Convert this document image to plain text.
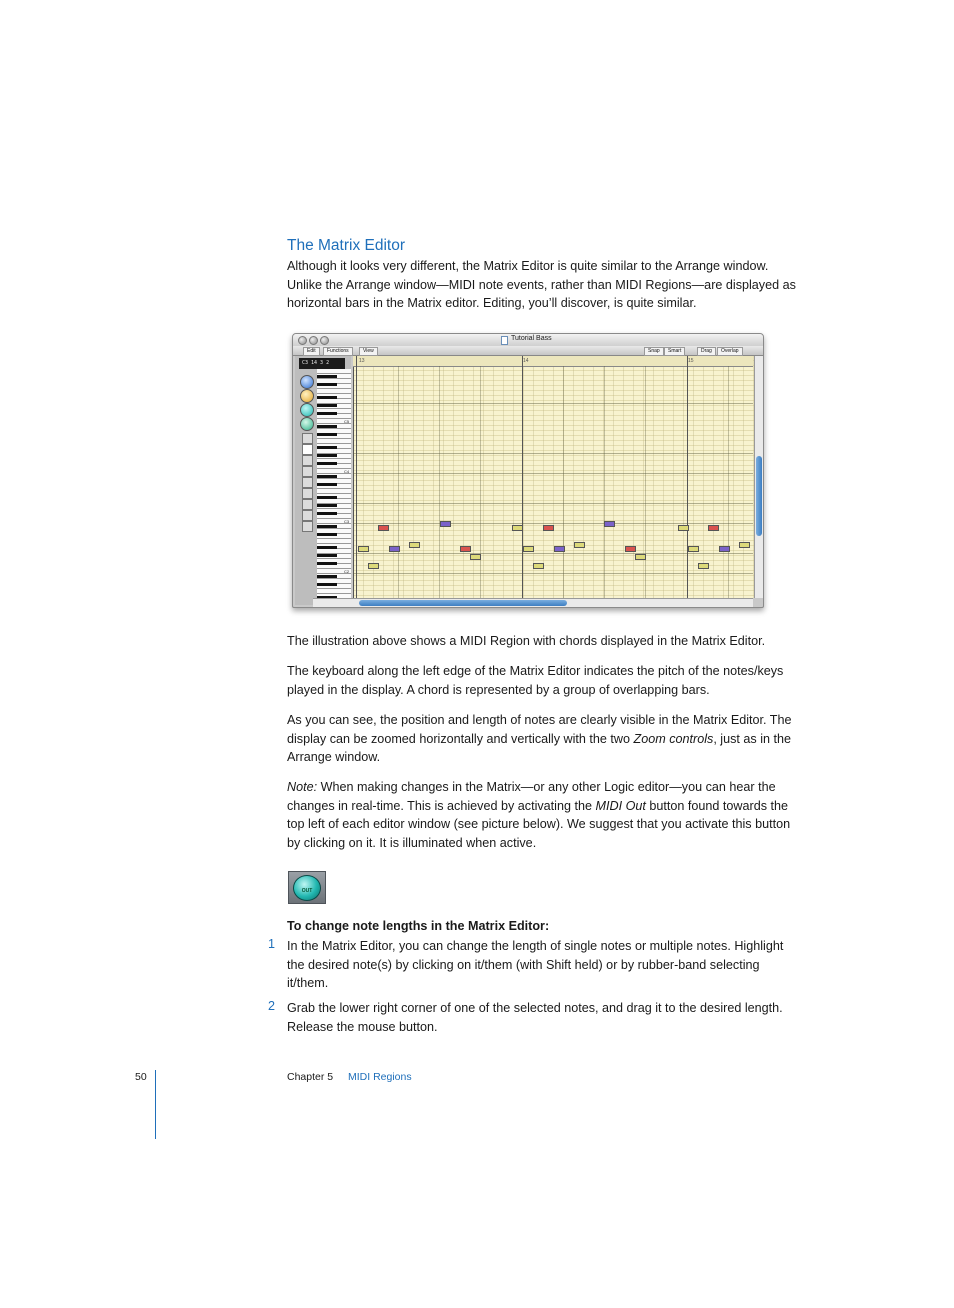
The Matrix Editor

Although it looks very different, the Matrix Editor is quite similar to the Arrange window. Unlike the Arrange window—MIDI note events, rather than MIDI Regions—are displayed as horizontal bars in the Matrix editor. Editing, you’ll discover, is quite similar.

Tutorial Bass
Edit	Functions	View	Snap	Smart	Drag	Overlap
C3 14 3 2
C5
C4
C3
C2
13	14	15

The illustration above shows a MIDI Region with chords displayed in the Matrix Editor.

The keyboard along the left edge of the Matrix Editor indicates the pitch of the notes/keys played in the display. A chord is represented by a group of overlapping bars.

As you can see, the position and length of notes are clearly visible in the Matrix Editor. The display can be zoomed horizontally and vertically with the two Zoom controls, just as in the Arrange window.

Note: When making changes in the Matrix—or any other Logic editor—you can hear the changes in real-time. This is achieved by activating the MIDI Out button found towards the top left of each editor window (see picture below). We suggest that you activate this button by clicking on it. It is illuminated when active.

OUT
To change note lengths in the Matrix Editor:
1 In the Matrix Editor, you can change the length of single notes or multiple notes. Highlight the desired note(s) by clicking on it/them (with Shift held) or by rubber-band selecting it/them.

2 Grab the lower right corner of one of the selected notes, and drag it to the desired length. Release the mouse button.

50	Chapter 5 MIDI Regions
